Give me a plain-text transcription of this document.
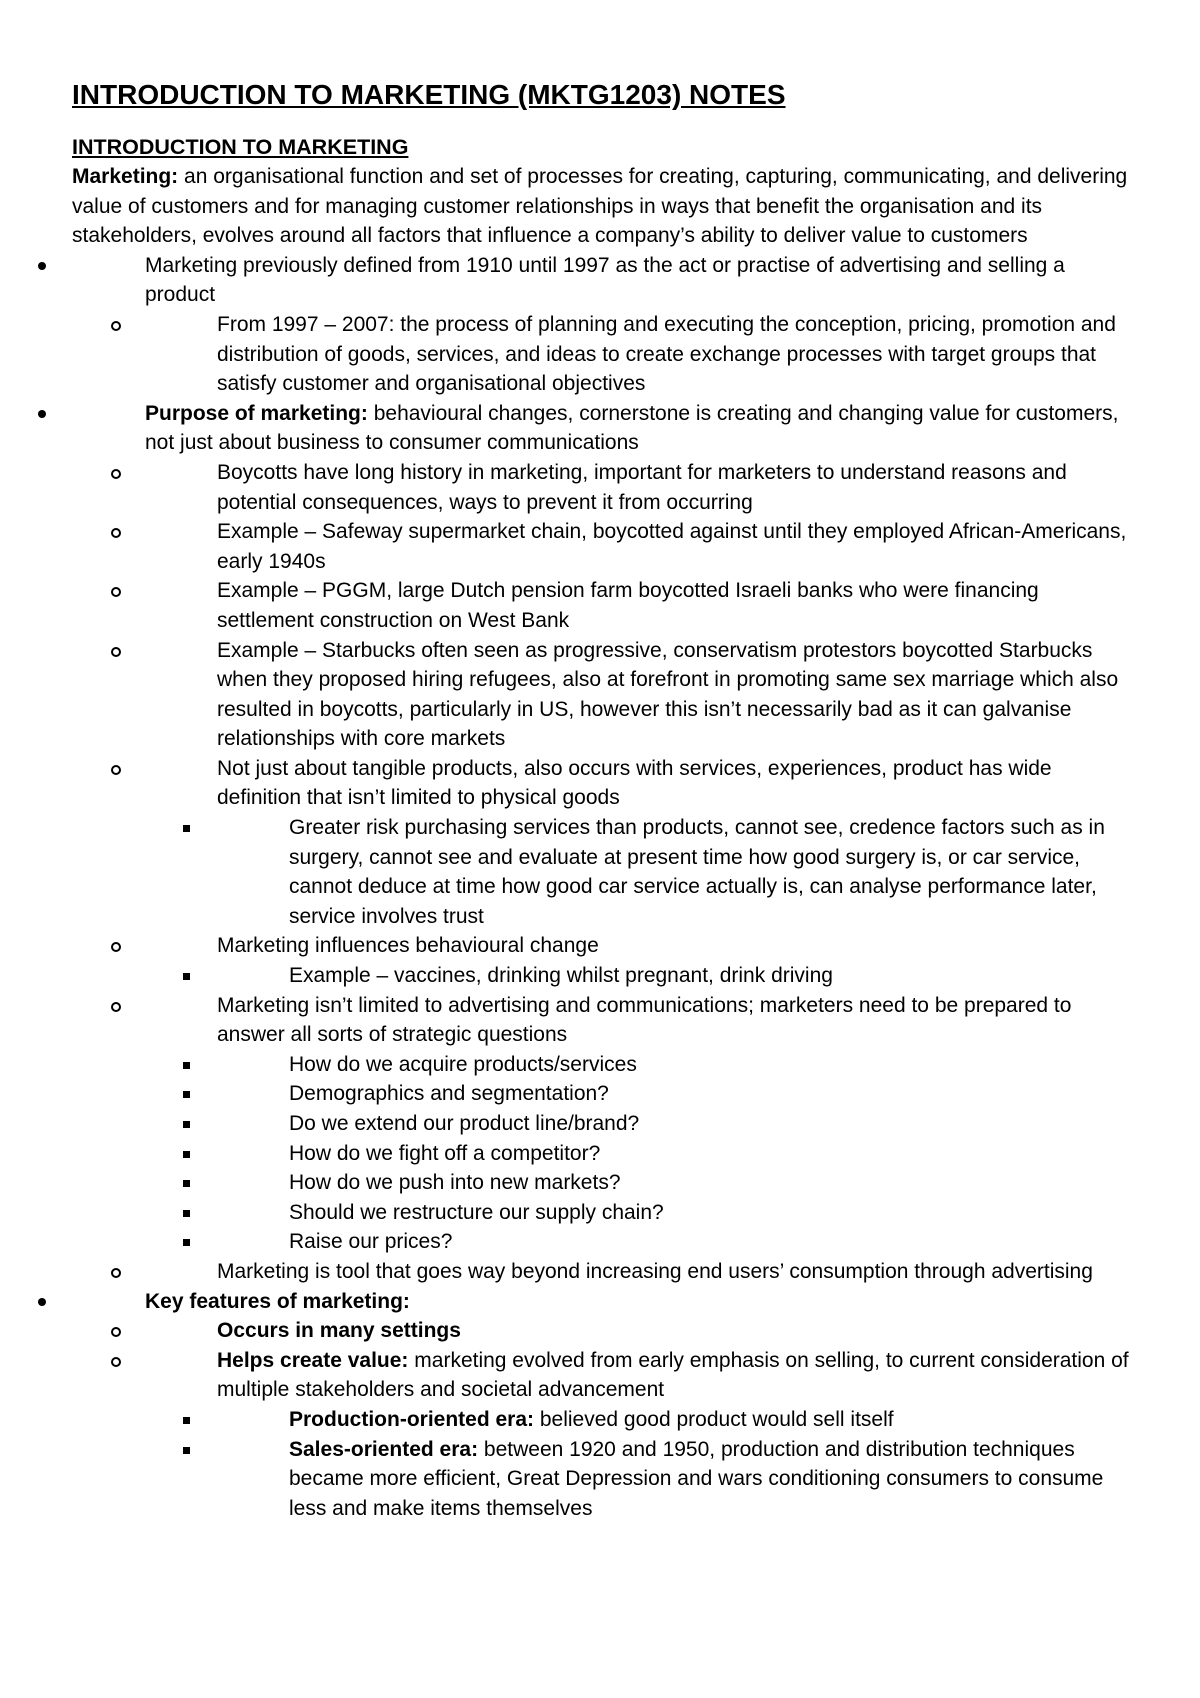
INTRODUCTION TO MARKETING (MKTG1203) NOTES
INTRODUCTION TO MARKETING

Marketing: an organisational function and set of processes for creating, capturing, communicating, and delivering value of customers and for managing customer relationships in ways that benefit the organisation and its stakeholders, evolves around all factors that influence a company’s ability to deliver value to customers

Marketing previously defined from 1910 until 1997 as the act or practise of advertising and selling a product
From 1997 – 2007: the process of planning and executing the conception, pricing, promotion and distribution of goods, services, and ideas to create exchange processes with target groups that satisfy customer and organisational objectives
Purpose of marketing: behavioural changes, cornerstone is creating and changing value for customers, not just about business to consumer communications
Boycotts have long history in marketing, important for marketers to understand reasons and potential consequences, ways to prevent it from occurring
Example – Safeway supermarket chain, boycotted against until they employed African-Americans, early 1940s
Example – PGGM, large Dutch pension farm boycotted Israeli banks who were financing settlement construction on West Bank
Example – Starbucks often seen as progressive, conservatism protestors boycotted Starbucks when they proposed hiring refugees, also at forefront in promoting same sex marriage which also resulted in boycotts, particularly in US, however this isn’t necessarily bad as it can galvanise relationships with core markets
Not just about tangible products, also occurs with services, experiences, product has wide definition that isn’t limited to physical goods
Greater risk purchasing services than products, cannot see, credence factors such as in surgery, cannot see and evaluate at present time how good surgery is, or car service, cannot deduce at time how good car service actually is, can analyse performance later, service involves trust
Marketing influences behavioural change
Example – vaccines, drinking whilst pregnant, drink driving
Marketing isn’t limited to advertising and communications; marketers need to be prepared to answer all sorts of strategic questions
How do we acquire products/services
Demographics and segmentation?
Do we extend our product line/brand?
How do we fight off a competitor?
How do we push into new markets?
Should we restructure our supply chain?
Raise our prices?
Marketing is tool that goes way beyond increasing end users’ consumption through advertising
Key features of marketing:
Occurs in many settings
Helps create value: marketing evolved from early emphasis on selling, to current consideration of multiple stakeholders and societal advancement
Production-oriented era: believed good product would sell itself
Sales-oriented era: between 1920 and 1950, production and distribution techniques became more efficient, Great Depression and wars conditioning consumers to consume less and make items themselves
